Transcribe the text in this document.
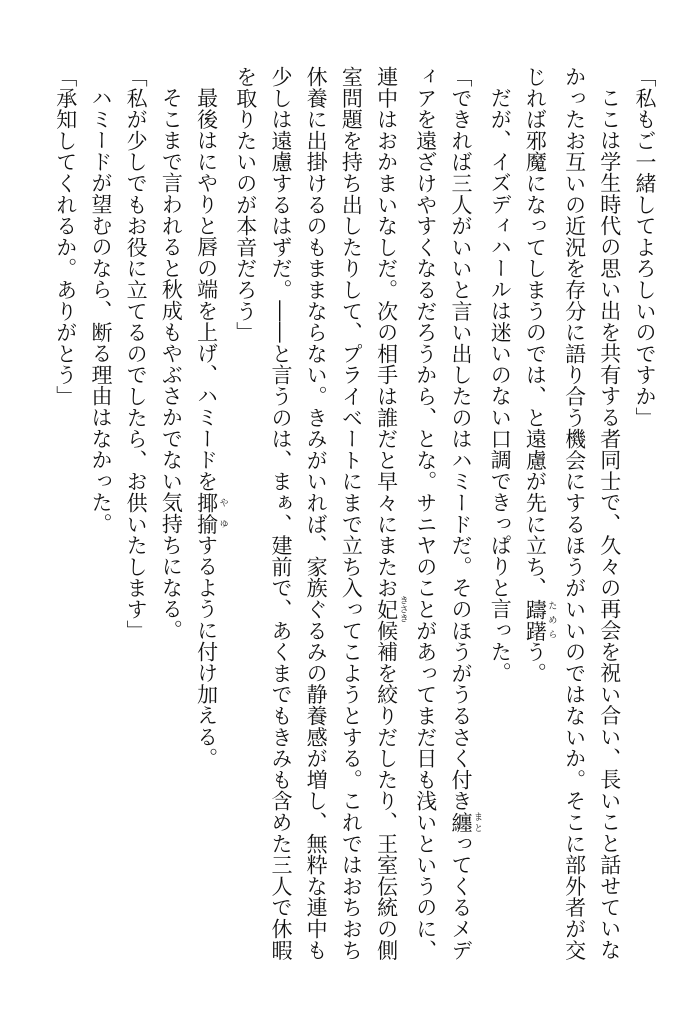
「私もご一緒してよろしいのですか」
ここは学生時代の思い出を共有する者同士で、久々の再会を祝い合い、長いこと話せていな
かったお互いの近況を存分に語り合う機会にするほうがいいのではないか。そこに部外者が交
じれば邪魔になってしまうのでは、と遠慮が先に立ち、躊躇 ためらう。
だが、イズディハールは迷いのない口調できっぱりと言った。
「できれば三人がいいと言い出したのはハミードだ。そのほうがうるさく付き纏 まとってくるメデ
ィアを遠ざけやすくなるだろうから、とな。サニヤのことがあってまだ日も浅いというのに、
連中はおかまいなしだ。次の相手は誰だと早々にまたお妃 きさき候補を絞りだしたり、王室伝統の側
室問題を持ち出したりして、プライベートにまで立ち入ってこようとする。これではおちおち
休養に出掛けるのもままならない。きみがいれば、家族ぐるみの静養感が増し、無粋な連中も
少しは遠慮するはずだ。――と言うのは、まぁ、建前で、あくまでもきみも含めた三人で休暇
を取りたいのが本音だろう」
最後はにやりと唇の端を上げ、ハミードを揶揄 やゆするように付け加える。
そこまで言われると秋成もやぶさかでない気持ちになる。
「私が少しでもお役に立てるのでしたら、お供いたします」
ハミードが望むのなら、断る理由はなかった。
「承知してくれるか。ありがとう」
